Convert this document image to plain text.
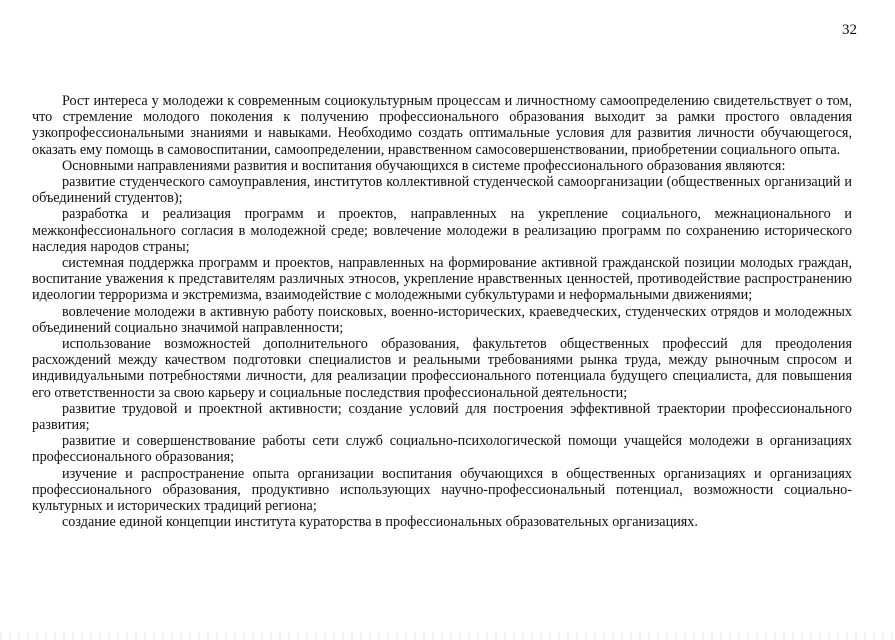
32

Рост интереса у молодежи к современным социокультурным процессам и личностному самоопределению свидетельствует о том, что стремление молодого поколения к получению профессионального образования выходит за рамки простого овладения узкопрофессиональными знаниями и навыками. Необходимо создать оптимальные условия для развития личности обучающегося, оказать ему помощь в самовоспитании, самоопределении, нравственном самосовершенствовании, приобретении социального опыта.

Основными направлениями развития и воспитания обучающихся в системе профессионального образования являются:

развитие студенческого самоуправления, институтов коллективной студенческой самоорганизации (общественных организаций и объединений студентов);

разработка и реализация программ и проектов, направленных на укрепление социального, межнационального и межконфессионального согласия в молодежной среде; вовлечение молодежи в реализацию программ по сохранению исторического наследия народов страны;

системная поддержка программ и проектов, направленных на формирование активной гражданской позиции молодых граждан, воспитание уважения к представителям различных этносов, укрепление нравственных ценностей, противодействие распространению идеологии терроризма и экстремизма, взаимодействие с молодежными субкультурами и неформальными движениями;

вовлечение молодежи в активную работу поисковых, военно-исторических, краеведческих, студенческих отрядов и молодежных объединений социально значимой направленности;

использование возможностей дополнительного образования, факультетов общественных профессий для преодоления расхождений между качеством подготовки специалистов и реальными требованиями рынка труда, между рыночным спросом и индивидуальными потребностями личности, для реализации профессионального потенциала будущего специалиста, для повышения его ответственности за свою карьеру и социальные последствия профессиональной деятельности;

развитие трудовой и проектной активности; создание условий для построения эффективной траектории профессионального развития;

развитие и совершенствование работы сети служб социально-психологической помощи учащейся молодежи в организациях профессионального образования;

изучение и распространение опыта организации воспитания обучающихся в общественных организациях и организациях профессионального образования, продуктивно использующих научно-профессиональный потенциал, возможности социально-культурных и исторических традиций региона;

создание единой концепции института кураторства в профессиональных образовательных организациях.
